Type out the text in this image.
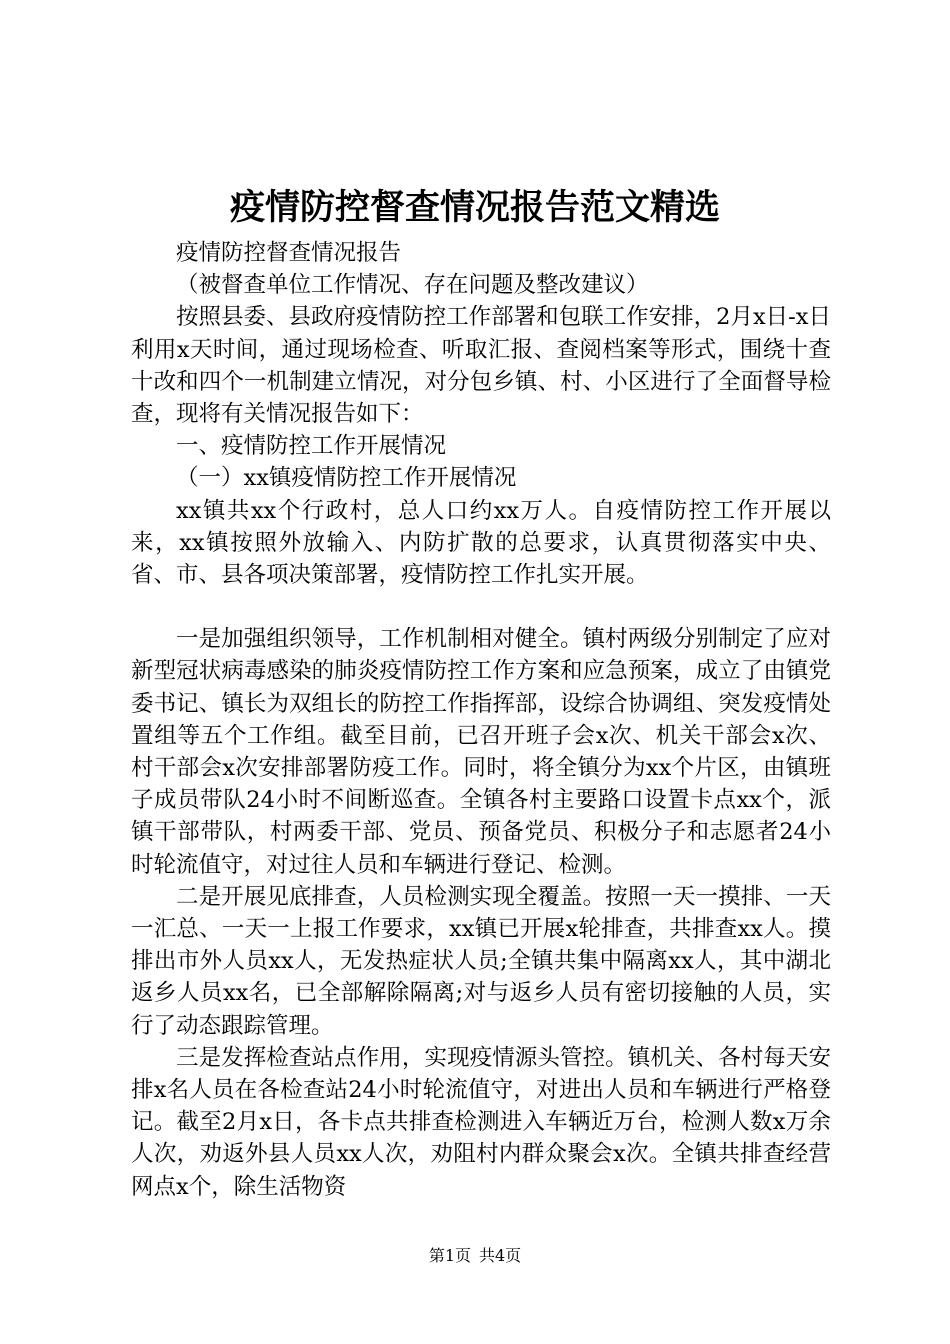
疫情防控督查情况报告范文精选

疫情防控督查情况报告

（被督查单位工作情况、存在问题及整改建议）

按照县委、县政府疫情防控工作部署和包联工作安排，2月x日-x日利用x天时间，通过现场检查、听取汇报、查阅档案等形式，围绕十查十改和四个一机制建立情况，对分包乡镇、村、小区进行了全面督导检查，现将有关情况报告如下：

一、疫情防控工作开展情况

（一）xx镇疫情防控工作开展情况

xx镇共xx个行政村，总人口约xx万人。自疫情防控工作开展以来，xx镇按照外放输入、内防扩散的总要求，认真贯彻落实中央、省、市、县各项决策部署，疫情防控工作扎实开展。

一是加强组织领导，工作机制相对健全。镇村两级分别制定了应对新型冠状病毒感染的肺炎疫情防控工作方案和应急预案，成立了由镇党委书记、镇长为双组长的防控工作指挥部，设综合协调组、突发疫情处置组等五个工作组。截至目前，已召开班子会x次、机关干部会x次、村干部会x次安排部署防疫工作。同时，将全镇分为xx个片区，由镇班子成员带队24小时不间断巡查。全镇各村主要路口设置卡点xx个，派镇干部带队，村两委干部、党员、预备党员、积极分子和志愿者24小时轮流值守，对过往人员和车辆进行登记、检测。

二是开展见底排查，人员检测实现全覆盖。按照一天一摸排、一天一汇总、一天一上报工作要求，xx镇已开展x轮排查，共排查xx人。摸排出市外人员xx人，无发热症状人员;全镇共集中隔离xx人，其中湖北返乡人员xx名，已全部解除隔离;对与返乡人员有密切接触的人员，实行了动态跟踪管理。

三是发挥检查站点作用，实现疫情源头管控。镇机关、各村每天安排x名人员在各检查站24小时轮流值守，对进出人员和车辆进行严格登记。截至2月x日，各卡点共排查检测进入车辆近万台，检测人数x万余人次，劝返外县人员xx人次，劝阻村内群众聚会x次。全镇共排查经营网点x个，除生活物资

第1页 共4页
